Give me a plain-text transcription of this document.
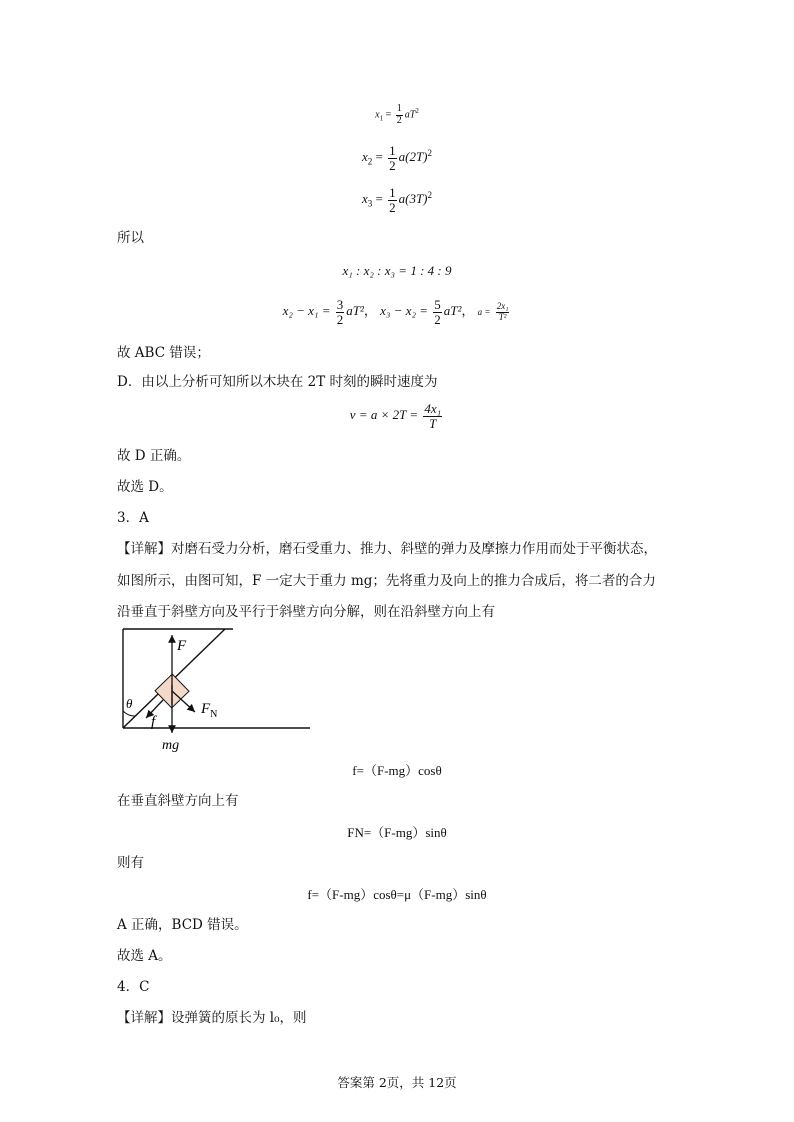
$x_1 = \frac{1}{2} aT^2$
$x_2 = \frac{1}{2} a(2T)^2$
$x_3 = \frac{1}{2} a(3T)^2$
所以
x₁ : x₂ : x₃ = 1 : 4 : 9
$x_2 - x_1 = \frac{3}{2} aT^2$， $x_3 - x_2 = \frac{5}{2} aT^2$， $a = \frac{\text{2x₁}}{\text{T²}}$
故 ABC 错误；
D．由以上分析可知所以木块在 2T 时刻的瞬时速度为
$v = a \times 2T = \frac{\text{4x₁}}{T}$
故 D 正确。
故选 D。
3．A
【详解】对磨石受力分析，磨石受重力、推力、斜壁的弹力及摩擦力作用而处于平衡状态，
如图所示，由图可知，F 一定大于重力 mg；先将重力及向上的推力合成后，将二者的合力
沿垂直于斜壁方向及平行于斜壁方向分解，则在沿斜壁方向上有
F
$F_N$
θ
f
mg
f=（F-mg）cosθ
在垂直斜壁方向上有
FN=（F-mg）sinθ
则有
f=（F-mg）cosθ=μ（F-mg）sinθ
A 正确，BCD 错误。
故选 A。
4．C
【详解】设弹簧的原长为 l₀，则
答案第 2页，共 12页
